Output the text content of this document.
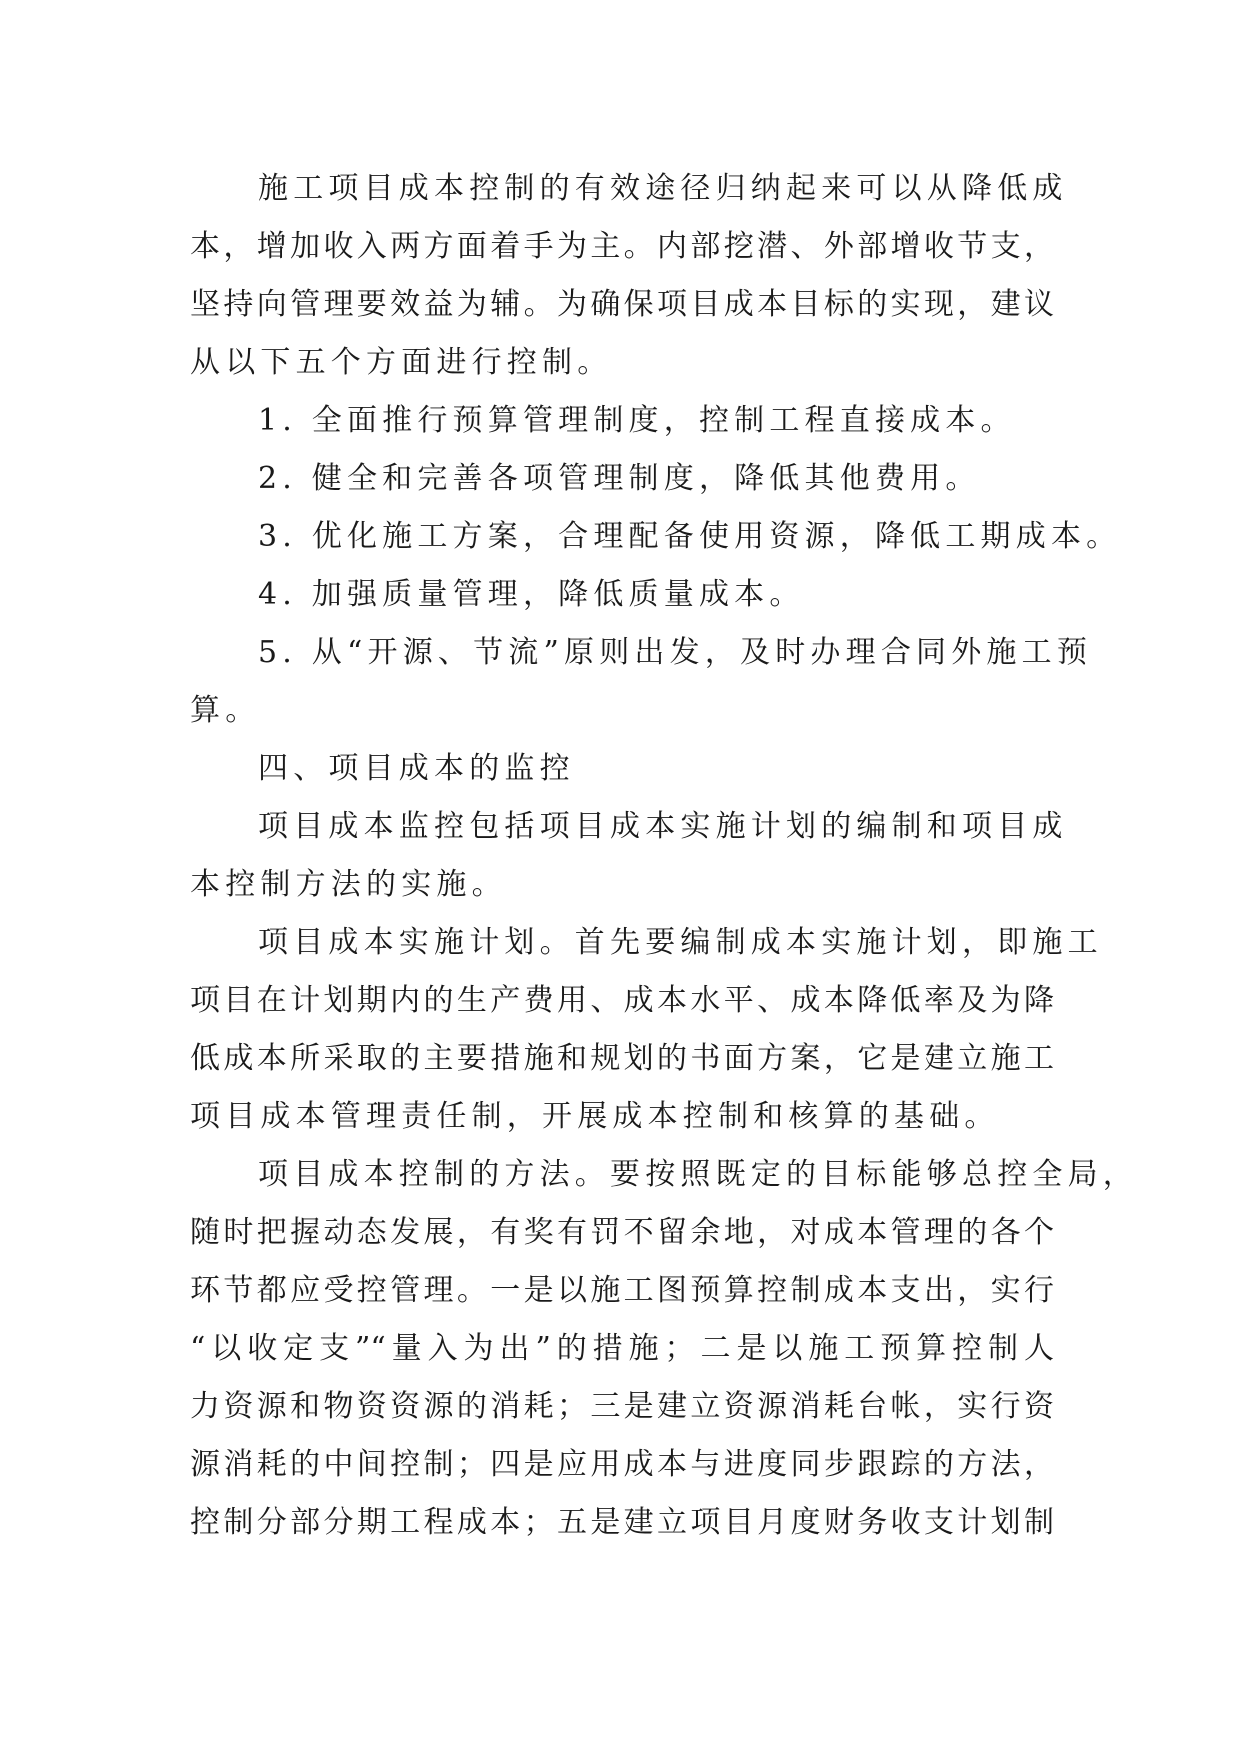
施工项目成本控制的有效途径归纳起来可以从降低成
本，增加收入两方面着手为主。内部挖潜、外部增收节支，
坚持向管理要效益为辅。为确保项目成本目标的实现，建议
从以下五个方面进行控制。
1. 全面推行预算管理制度，控制工程直接成本。
2. 健全和完善各项管理制度，降低其他费用。
3. 优化施工方案，合理配备使用资源，降低工期成本。
4. 加强质量管理，降低质量成本。
5. 从“开源、节流”原则出发，及时办理合同外施工预
算。
四、项目成本的监控
项目成本监控包括项目成本实施计划的编制和项目成
本控制方法的实施。
项目成本实施计划。首先要编制成本实施计划，即施工
项目在计划期内的生产费用、成本水平、成本降低率及为降
低成本所采取的主要措施和规划的书面方案，它是建立施工
项目成本管理责任制，开展成本控制和核算的基础。
项目成本控制的方法。要按照既定的目标能够总控全局，
随时把握动态发展，有奖有罚不留余地，对成本管理的各个
环节都应受控管理。一是以施工图预算控制成本支出，实行
“以收定支”“量入为出”的措施；二是以施工预算控制人
力资源和物资资源的消耗；三是建立资源消耗台帐，实行资
源消耗的中间控制；四是应用成本与进度同步跟踪的方法，
控制分部分期工程成本；五是建立项目月度财务收支计划制
